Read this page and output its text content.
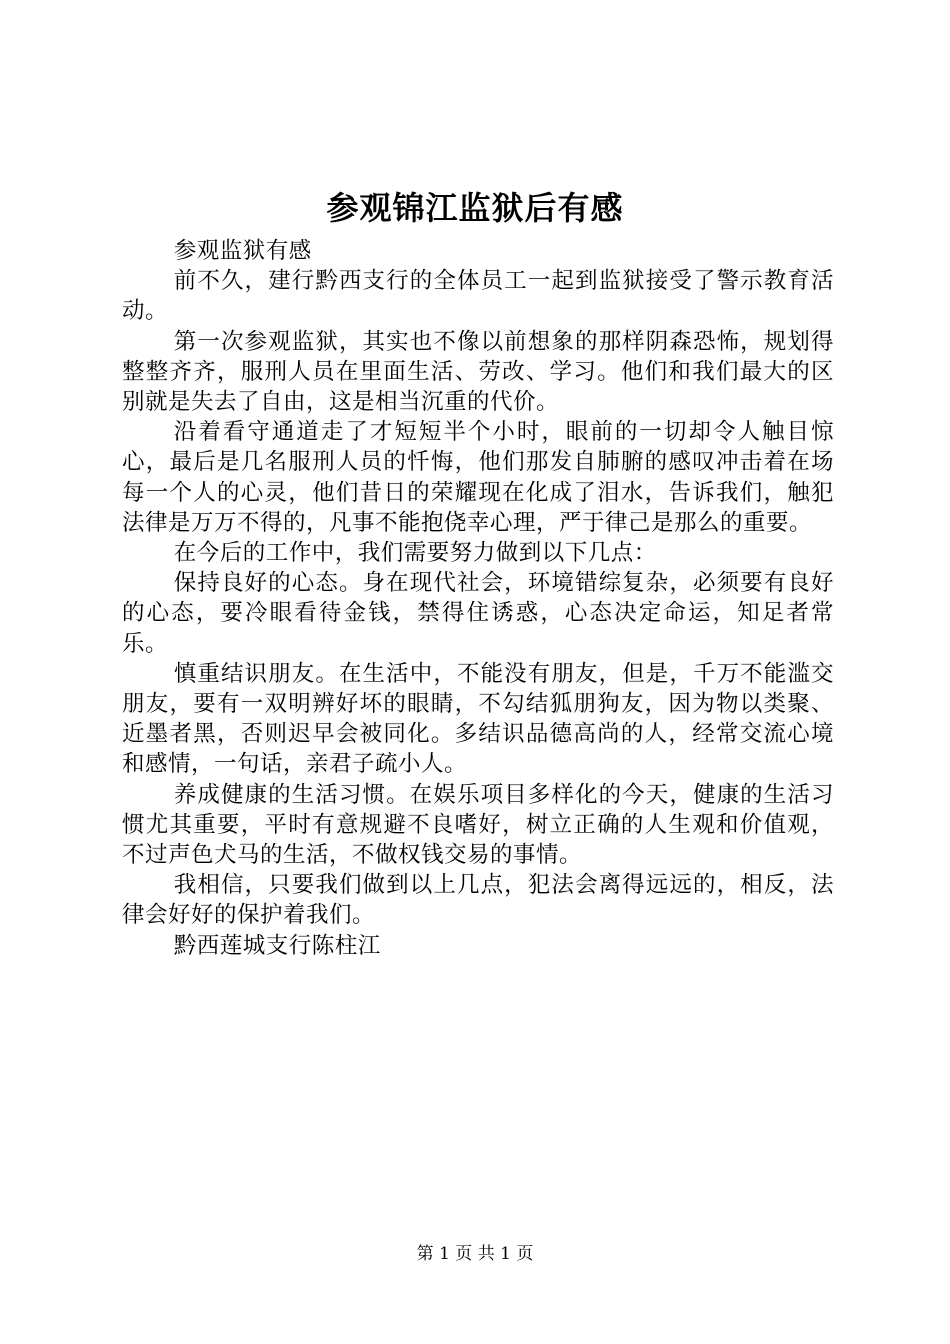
参观锦江监狱后有感

参观监狱有感

前不久，建行黔西支行的全体员工一起到监狱接受了警示教育活动。

第一次参观监狱，其实也不像以前想象的那样阴森恐怖，规划得整整齐齐，服刑人员在里面生活、劳改、学习。他们和我们最大的区别就是失去了自由，这是相当沉重的代价。

沿着看守通道走了才短短半个小时，眼前的一切却令人触目惊心，最后是几名服刑人员的忏悔，他们那发自肺腑的感叹冲击着在场每一个人的心灵，他们昔日的荣耀现在化成了泪水，告诉我们，触犯法律是万万不得的，凡事不能抱侥幸心理，严于律己是那么的重要。

在今后的工作中，我们需要努力做到以下几点：

保持良好的心态。身在现代社会，环境错综复杂，必须要有良好的心态，要冷眼看待金钱，禁得住诱惑，心态决定命运，知足者常乐。

慎重结识朋友。在生活中，不能没有朋友，但是，千万不能滥交朋友，要有一双明辨好坏的眼睛，不勾结狐朋狗友，因为物以类聚、近墨者黑，否则迟早会被同化。多结识品德高尚的人，经常交流心境和感情，一句话，亲君子疏小人。

养成健康的生活习惯。在娱乐项目多样化的今天，健康的生活习惯尤其重要，平时有意规避不良嗜好，树立正确的人生观和价值观，不过声色犬马的生活，不做权钱交易的事情。

我相信，只要我们做到以上几点，犯法会离得远远的，相反，法律会好好的保护着我们。

黔西莲城支行陈柱江

第 1 页 共 1 页
